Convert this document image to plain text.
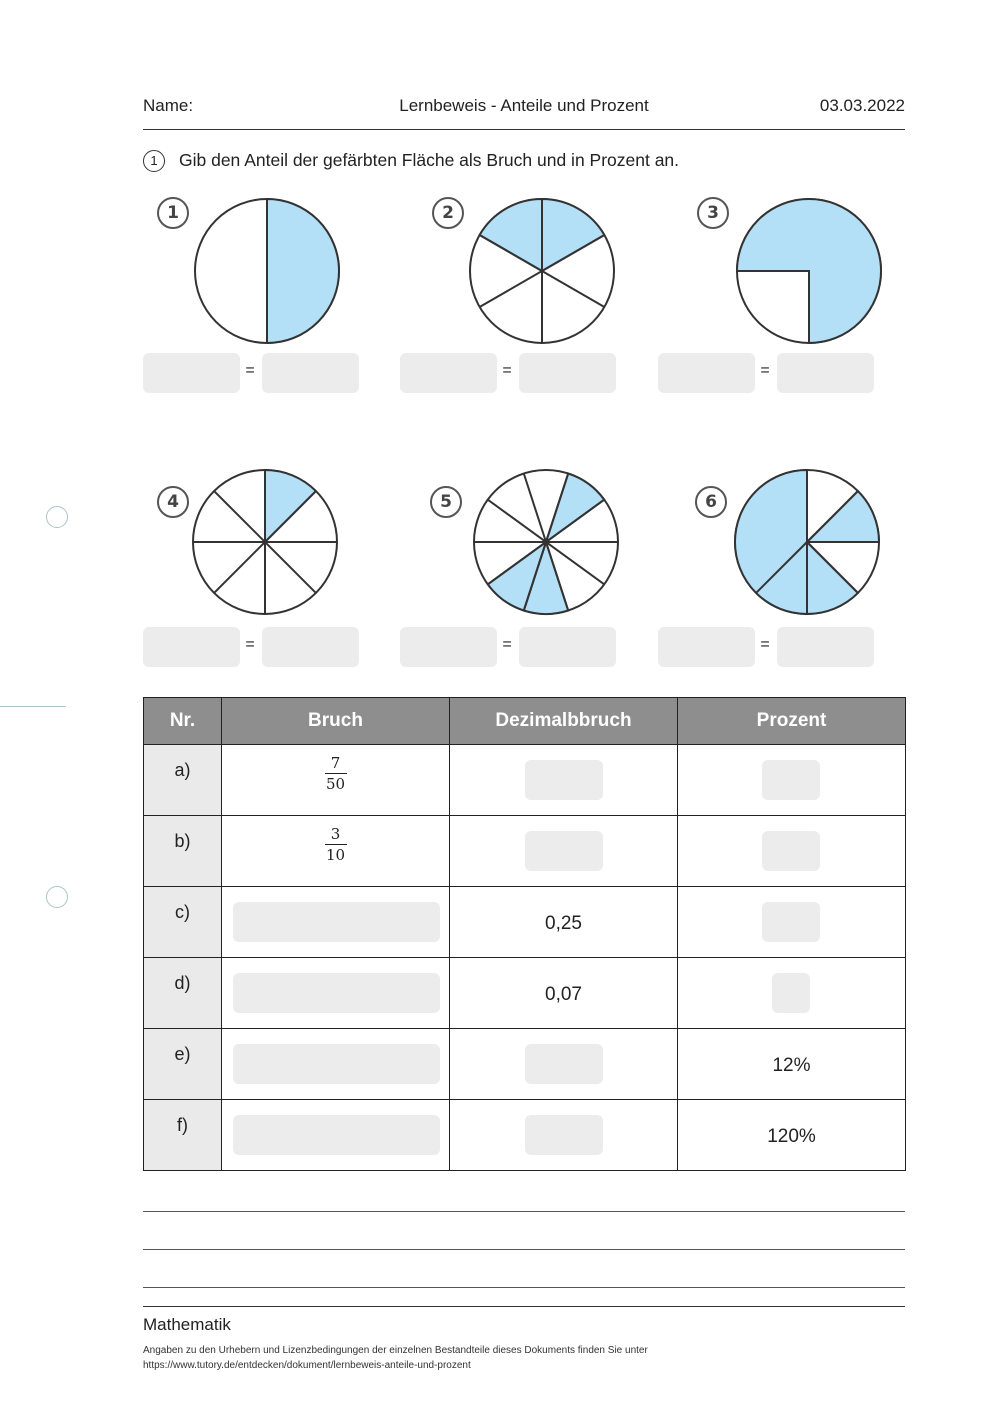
Name:	Lernbeweis - Anteile und Prozent	03.03.2022
1	Gib den Anteil der gefärbten Fläche als Bruch und in Prozent an.
1
=
2
=
3
=
4
=
5
=
6
=
Nr.	Bruch	Dezimalbbruch	Prozent

a)	7
50		

b)	3
10		

c)		0,25	

d)		0,07	

e)			12%

f)			120%
Mathematik
Angaben zu den Urhebern und Lizenzbedingungen der einzelnen Bestandteile dieses Dokuments finden Sie unter
https://www.tutory.de/entdecken/dokument/lernbeweis-anteile-und-prozent
